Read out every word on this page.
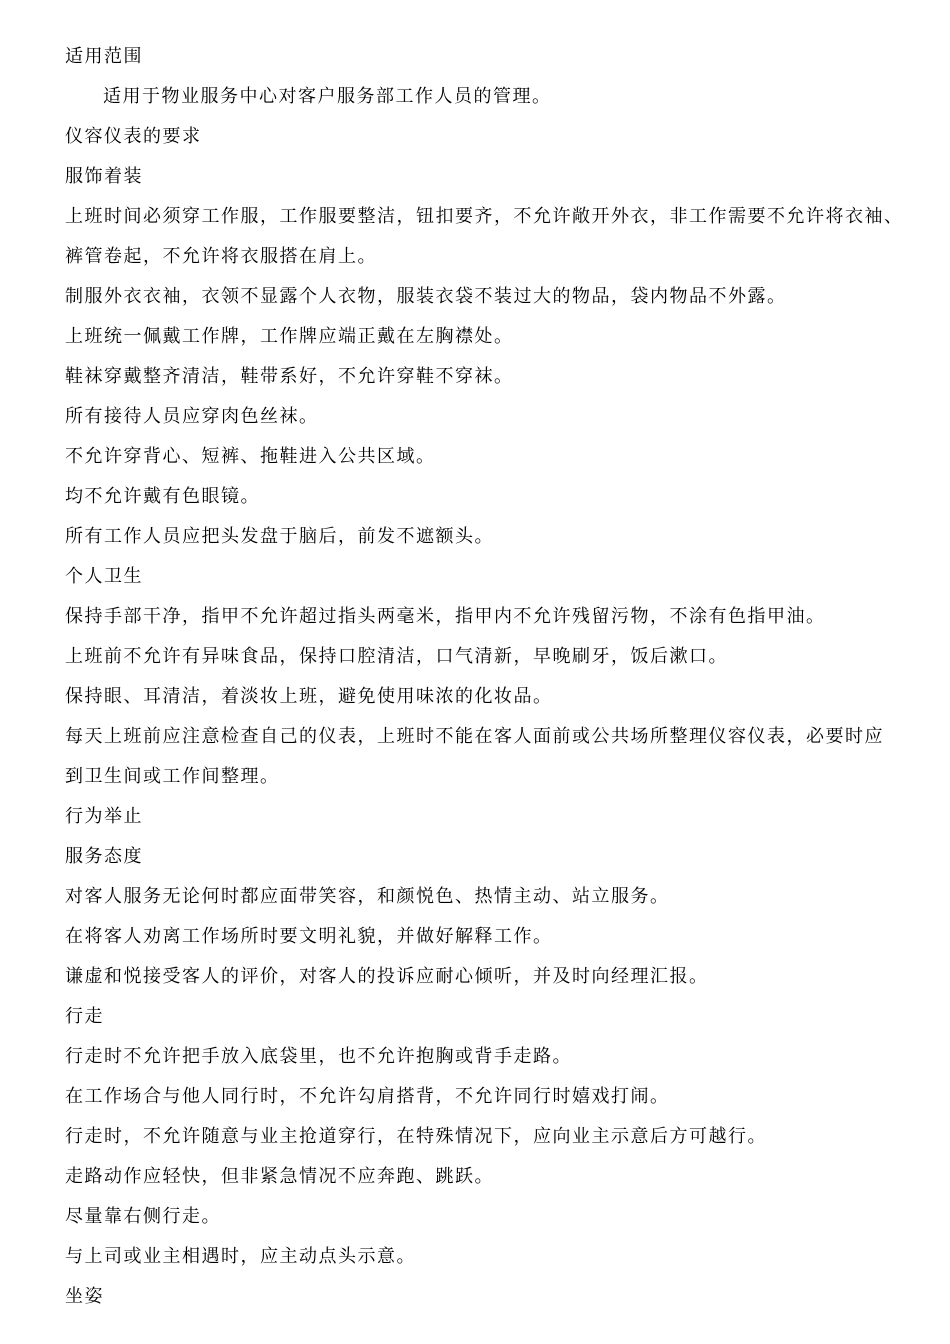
适用范围
适用于物业服务中心对客户服务部工作人员的管理。
仪容仪表的要求
服饰着装
上班时间必须穿工作服，工作服要整洁，钮扣要齐，不允许敞开外衣，非工作需要不允许将衣袖、
裤管卷起，不允许将衣服搭在肩上。
制服外衣衣袖，衣领不显露个人衣物，服装衣袋不装过大的物品，袋内物品不外露。
上班统一佩戴工作牌，工作牌应端正戴在左胸襟处。
鞋袜穿戴整齐清洁，鞋带系好，不允许穿鞋不穿袜。
所有接待人员应穿肉色丝袜。
不允许穿背心、短裤、拖鞋进入公共区域。
均不允许戴有色眼镜。
所有工作人员应把头发盘于脑后，前发不遮额头。
个人卫生
保持手部干净，指甲不允许超过指头两毫米，指甲内不允许残留污物，不涂有色指甲油。
上班前不允许有异味食品，保持口腔清洁，口气清新，早晚刷牙，饭后漱口。
保持眼、耳清洁，着淡妆上班，避免使用味浓的化妆品。
每天上班前应注意检查自己的仪表，上班时不能在客人面前或公共场所整理仪容仪表，必要时应
到卫生间或工作间整理。
行为举止
服务态度
对客人服务无论何时都应面带笑容，和颜悦色、热情主动、站立服务。
在将客人劝离工作场所时要文明礼貌，并做好解释工作。
谦虚和悦接受客人的评价，对客人的投诉应耐心倾听，并及时向经理汇报。
行走
行走时不允许把手放入底袋里，也不允许抱胸或背手走路。
在工作场合与他人同行时，不允许勾肩搭背，不允许同行时嬉戏打闹。
行走时，不允许随意与业主抢道穿行，在特殊情况下，应向业主示意后方可越行。
走路动作应轻快，但非紧急情况不应奔跑、跳跃。
尽量靠右侧行走。
与上司或业主相遇时，应主动点头示意。
坐姿
